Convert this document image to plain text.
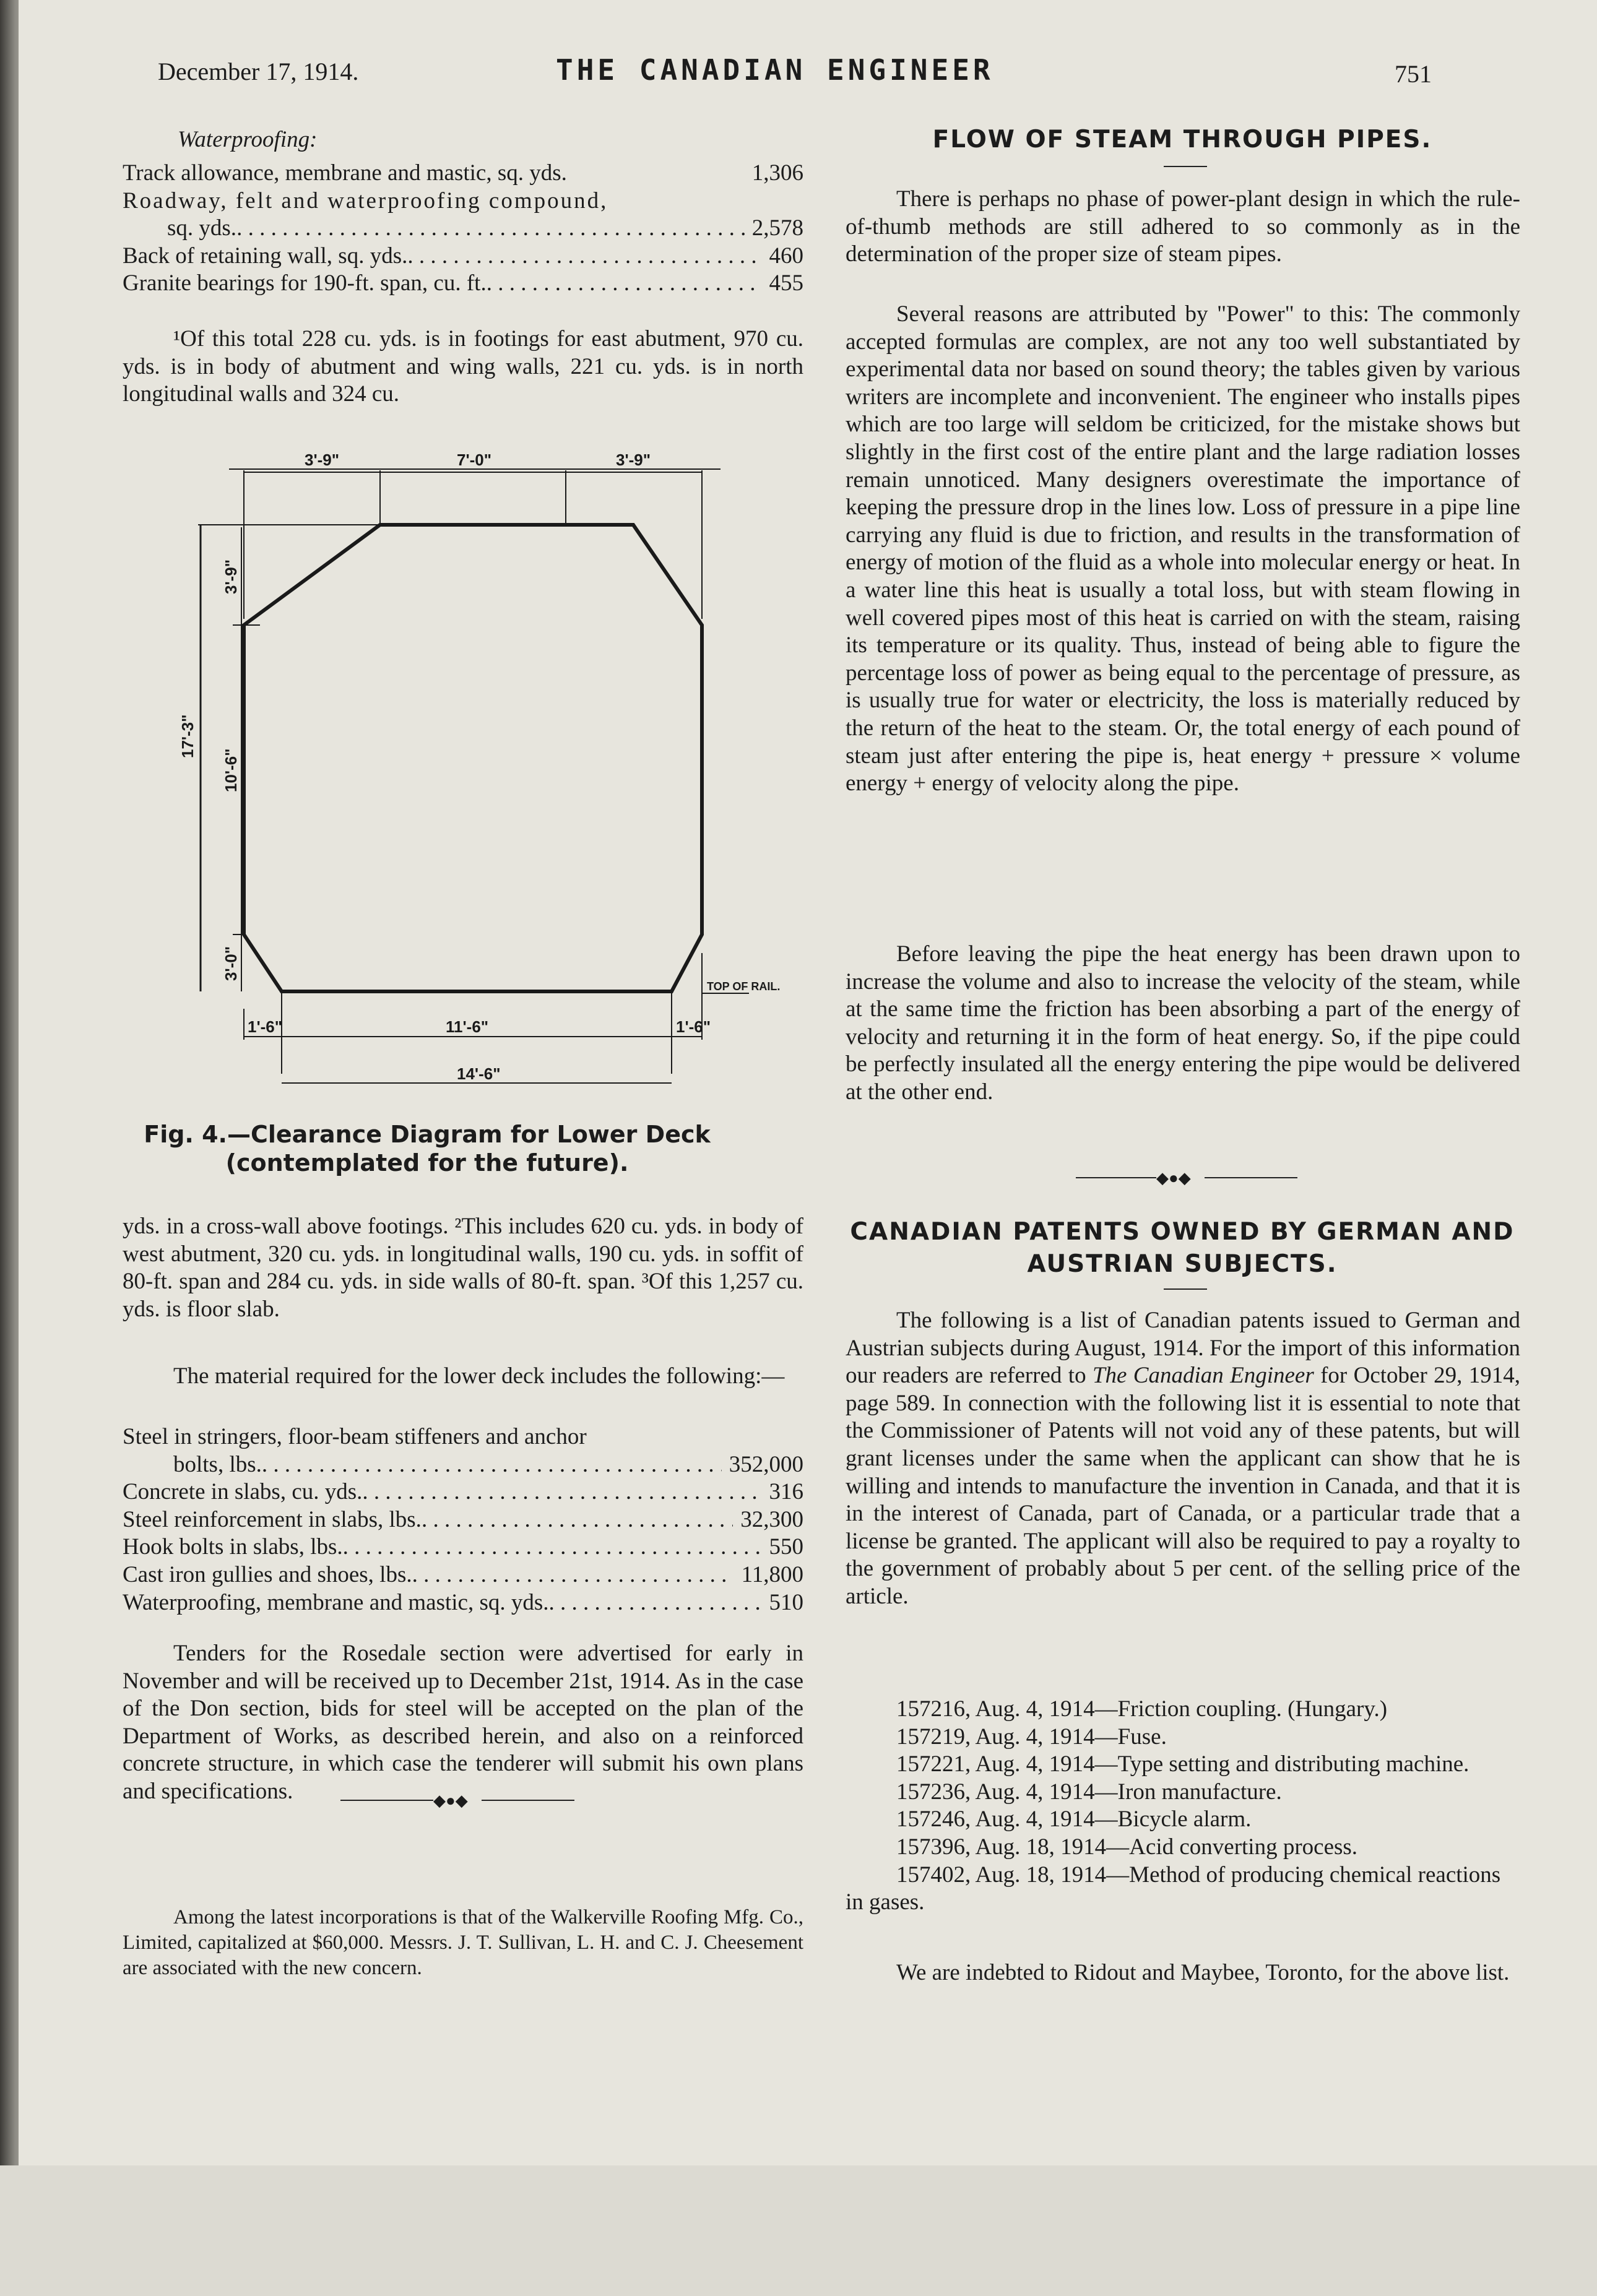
December 17, 1914.	THE CANADIAN ENGINEER	751
Waterproofing:
Track allowance, membrane and mastic, sq. yds.	1,306
Roadway, felt and waterproofing compound,
sq. yds. . . .	2,578
Back of retaining wall, sq. yds. . . .	460
Granite bearings for 190-ft. span, cu. ft. . . .	455

¹Of this total 228 cu. yds. is in footings for east abutment, 970 cu. yds. is in body of abutment and wing walls, 221 cu. yds. is in north longitudinal walls and 324 cu.

3'-9"	7'-0"	3'-9"
17'-3"
3'-9"
10'-6"
3'-0"
1'-6"	11'-6"	1'-6"
14'-6"
TOP OF RAIL.
Fig. 4.—Clearance Diagram for Lower Deck
(contemplated for the future).

yds. in a cross-wall above footings. ²This includes 620 cu. yds. in body of west abutment, 320 cu. yds. in longitudinal walls, 190 cu. yds. in soffit of 80-ft. span and 284 cu. yds. in side walls of 80-ft. span. ³Of this 1,257 cu. yds. is floor slab.

The material required for the lower deck includes the following:—

Steel in stringers, floor-beam stiffeners and anchor
bolts, lbs. . . .	352,000
Concrete in slabs, cu. yds. . . .	316
Steel reinforcement in slabs, lbs. . . .	32,300
Hook bolts in slabs, lbs. . . .	550
Cast iron gullies and shoes, lbs. . . .	11,800
Waterproofing, membrane and mastic, sq. yds. . . .	510

Tenders for the Rosedale section were advertised for early in November and will be received up to December 21st, 1914. As in the case of the Don section, bids for steel will be accepted on the plan of the Department of Works, as described herein, and also on a reinforced concrete structure, in which case the tenderer will submit his own plans and specifications.	◆●◆

Among the latest incorporations is that of the Walkerville Roofing Mfg. Co., Limited, capitalized at $60,000. Messrs. J. T. Sullivan, L. H. and C. J. Cheesement are associated with the new concern.

FLOW OF STEAM THROUGH PIPES.

There is perhaps no phase of power-plant design in which the rule-of-thumb methods are still adhered to so commonly as in the determination of the proper size of steam pipes.

Several reasons are attributed by "Power" to this: The commonly accepted formulas are complex, are not any too well substantiated by experimental data nor based on sound theory; the tables given by various writers are incomplete and inconvenient. The engineer who installs pipes which are too large will seldom be criticized, for the mistake shows but slightly in the first cost of the entire plant and the large radiation losses remain unnoticed. Many designers overestimate the importance of keeping the pressure drop in the lines low. Loss of pressure in a pipe line carrying any fluid is due to friction, and results in the transformation of energy of motion of the fluid as a whole into molecular energy or heat. In a water line this heat is usually a total loss, but with steam flowing in well covered pipes most of this heat is carried on with the steam, raising its temperature or its quality. Thus, instead of being able to figure the percentage loss of power as being equal to the percentage of pressure, as is usually true for water or electricity, the loss is materially reduced by the return of the heat to the steam. Or, the total energy of each pound of steam just after entering the pipe is, heat energy + pressure × volume energy + energy of velocity along the pipe.

Before leaving the pipe the heat energy has been drawn upon to increase the volume and also to increase the velocity of the steam, while at the same time the friction has been absorbing a part of the energy of velocity and returning it in the form of heat energy. So, if the pipe could be perfectly insulated all the energy entering the pipe would be delivered at the other end.

◆●◆
CANADIAN PATENTS OWNED BY GERMAN AND
AUSTRIAN SUBJECTS.

The following is a list of Canadian patents issued to German and Austrian subjects during August, 1914. For the import of this information our readers are referred to The Canadian Engineer for October 29, 1914, page 589. In connection with the following list it is essential to note that the Commissioner of Patents will not void any of these patents, but will grant licenses under the same when the applicant can show that he is willing and intends to manufacture the invention in Canada, and that it is in the interest of Canada, part of Canada, or a particular trade that a license be granted. The applicant will also be required to pay a royalty to the government of probably about 5 per cent. of the selling price of the article.

157216, Aug. 4, 1914—Friction coupling. (Hungary.)
157219, Aug. 4, 1914—Fuse.
157221, Aug. 4, 1914—Type setting and distributing machine.
157236, Aug. 4, 1914—Iron manufacture.
157246, Aug. 4, 1914—Bicycle alarm.
157396, Aug. 18, 1914—Acid converting process.
157402, Aug. 18, 1914—Method of producing chemical reactions in gases.

We are indebted to Ridout and Maybee, Toronto, for the above list.
